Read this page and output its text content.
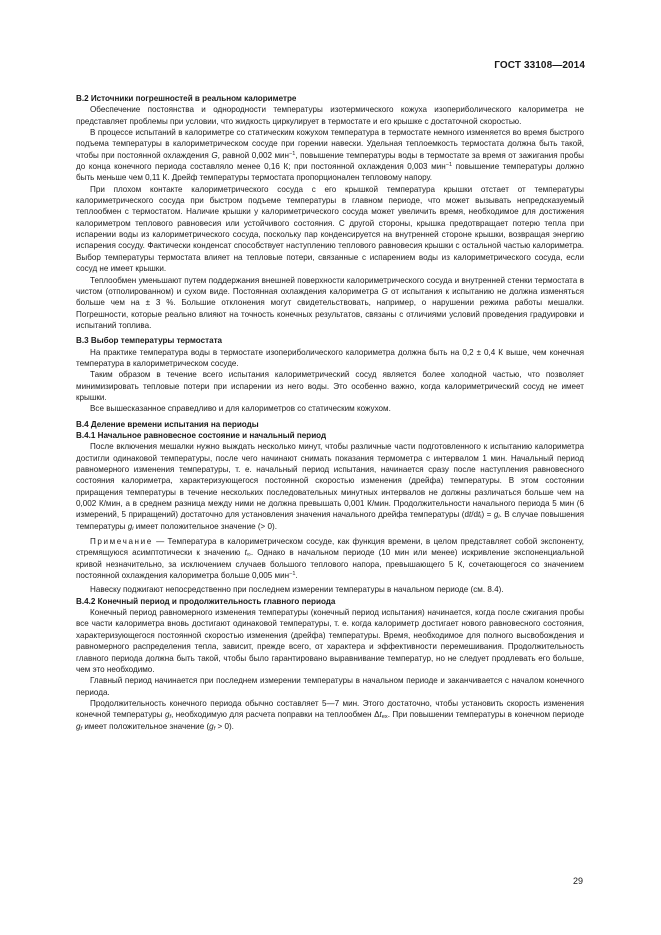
ГОСТ 33108—2014

В.2 Источники погрешностей в реальном калориметре

Обеспечение постоянства и однородности температуры изотермического кожуха изопериболического калориметра не представляет проблемы при условии, что жидкость циркулирует в термостате и его крышке с достаточной скоростью.

В процессе испытаний в калориметре со статическим кожухом температура в термостате немного изменяется во время быстрого подъема температуры в калориметрическом сосуде при горении навески. Удельная теплоемкость термостата должна быть такой, чтобы при постоянной охлаждения G, равной 0,002 мин$^{-1}$, повышение температуры воды в термостате за время от зажигания пробы до конца конечного периода составляло менее 0,16 К; при постоянной охлаждения 0,003 мин$^{-1}$ повышение температуры должно быть меньше чем 0,11 К. Дрейф температуры термостата пропорционален тепловому напору.

При плохом контакте калориметрического сосуда с его крышкой температура крышки отстает от температуры калориметрического сосуда при быстром подъеме температуры в главном периоде, что может вызывать непредсказуемый теплообмен с термостатом. Наличие крышки у калориметрического сосуда может увеличить время, необходимое для достижения калориметром теплового равновесия или устойчивого состояния. С другой стороны, крышка предотвращает потерю тепла при испарении воды из калориметрического сосуда, поскольку пар конденсируется на внутренней стороне крышки, возвращая энергию испарения сосуду. Фактически конденсат способствует наступлению теплового равновесия крышки с остальной частью калориметра. Выбор температуры термостата влияет на тепловые потери, связанные с испарением воды из калориметрического сосуда, если сосуд не имеет крышки.

Теплообмен уменьшают путем поддержания внешней поверхности калориметрического сосуда и внутренней стенки термостата в чистом (отполированном) и сухом виде. Постоянная охлаждения калориметра G от испытания к испытанию не должна изменяться больше чем на ± 3 %. Большие отклонения могут свидетельствовать, например, о нарушении режима работы мешалки. Погрешности, которые реально влияют на точность конечных результатов, связаны с отличиями условий проведения градуировки и испытаний топлива.

В.3 Выбор температуры термостата

На практике температура воды в термостате изопериболического калориметра должна быть на 0,2 ± 0,4 К выше, чем конечная температура в калориметрическом сосуде.

Таким образом в течение всего испытания калориметрический сосуд является более холодной частью, что позволяет минимизировать тепловые потери при испарении из него воды. Это особенно важно, когда калориметрический сосуд не имеет крышки.

Все вышесказанное справедливо и для калориметров со статическим кожухом.

В.4 Деление времени испытания на периоды

В.4.1 Начальное равновесное состояние и начальный период

После включения мешалки нужно выждать несколько минут, чтобы различные части подготовленного к испытанию калориметра достигли одинаковой температуры, после чего начинают снимать показания термометра с интервалом 1 мин. Начальный период равномерного изменения температуры, т. е. начальный период испытания, начинается сразу после наступления равновесного состояния калориметра, характеризующегося постоянной скоростью изменения (дрейфа) температуры. В этом состоянии приращения температуры в течение нескольких последовательных минутных интервалов не должны различаться больше чем на 0,002 К/мин, а в среднем разница между ними не должна превышать 0,001 К/мин. Продолжительности начального периода 5 мин (6 измерений, 5 приращений) достаточно для установления значения начального дрейфа температуры $(dt/dt_i) = g_i$. В случае повышения температуры $g_i$ имеет положительное значение (> 0).

Примечание — Температура в калориметрическом сосуде, как функция времени, в целом представляет собой экспоненту, стремящуюся асимптотически к значению $t_\infty$. Однако в начальном периоде (10 мин или менее) искривление экспоненциальной кривой незначительно, за исключением случаев большого теплового напора, превышающего 5 К, сочетающегося со значением постоянной охлаждения калориметра больше 0,005 мин$^{-1}$.

Навеску поджигают непосредственно при последнем измерении температуры в начальном периоде (см. 8.4).

В.4.2 Конечный период и продолжительность главного периода

Конечный период равномерного изменения температуры (конечный период испытания) начинается, когда после сжигания пробы все части калориметра вновь достигают одинаковой температуры, т. е. когда калориметр достигает нового равновесного состояния, характеризующегося постоянной скоростью изменения (дрейфа) температуры. Время, необходимое для полного высвобождения и равномерного распределения тепла, зависит, прежде всего, от характера и эффективности перемешивания. Продолжительность главного периода должна быть такой, чтобы было гарантировано выравнивание температур, но не следует продлевать его больше, чем это необходимо.

Главный период начинается при последнем измерении температуры в начальном периоде и заканчивается с началом конечного периода.

Продолжительность конечного периода обычно составляет 5—7 мин. Этого достаточно, чтобы установить скорость изменения конечной температуры $g_f$, необходимую для расчета поправки на теплообмен $\Delta t_{ex}$. При повышении температуры в конечном периоде $g_f$ имеет положительное значение $(g_f > 0)$.

29
